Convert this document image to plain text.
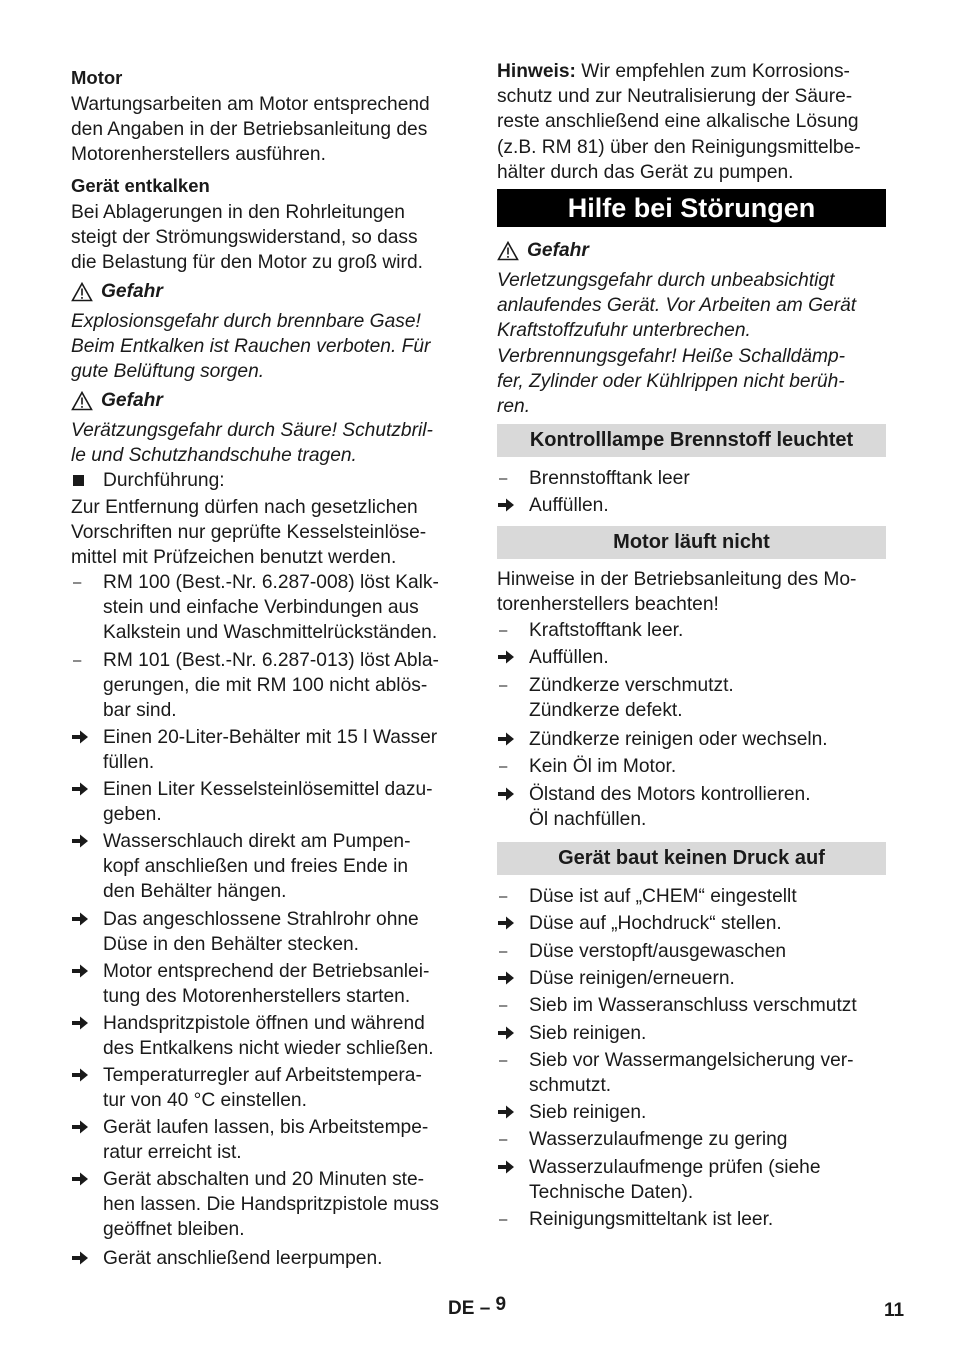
Motor
Wartungsarbeiten am Motor entsprechend
den Angaben in der Betriebsanleitung des
Motorenherstellers ausführen.
Gerät entkalken
Bei Ablagerungen in den Rohrleitungen
steigt der Strömungswiderstand, so dass
die Belastung für den Motor zu groß wird.
Gefahr
Explosionsgefahr durch brennbare Gase!
Beim Entkalken ist Rauchen verboten. Für
gute Belüftung sorgen.
Gefahr
Verätzungsgefahr durch Säure! Schutzbril-
le und Schutzhandschuhe tragen.
Durchführung:
Zur Entfernung dürfen nach gesetzlichen
Vorschriften nur geprüfte Kesselsteinlöse-
mittel mit Prüfzeichen benutzt werden.
–	RM 100 (Best.-Nr. 6.287-008) löst Kalk-
stein und einfache Verbindungen aus
Kalkstein und Waschmittelrückständen.
–	RM 101 (Best.-Nr. 6.287-013) löst Abla-
gerungen, die mit RM 100 nicht ablös-
bar sind.
Einen 20-Liter-Behälter mit 15 l Wasser
füllen.
Einen Liter Kesselsteinlösemittel dazu-
geben.
Wasserschlauch direkt am Pumpen-
kopf anschließen und freies Ende in
den Behälter hängen.
Das angeschlossene Strahlrohr ohne
Düse in den Behälter stecken.
Motor entsprechend der Betriebsanlei-
tung des Motorenherstellers starten.
Handspritzpistole öffnen und während
des Entkalkens nicht wieder schließen.
Temperaturregler auf Arbeitstempera-
tur von 40 °C einstellen.
Gerät laufen lassen, bis Arbeitstempe-
ratur erreicht ist.
Gerät abschalten und 20 Minuten ste-
hen lassen. Die Handspritzpistole muss
geöffnet bleiben.
Gerät anschließend leerpumpen.
Hinweis: Wir empfehlen zum Korrosions-
schutz und zur Neutralisierung der Säure-
reste anschließend eine alkalische Lösung
(z.B. RM 81) über den Reinigungsmittelbe-
hälter durch das Gerät zu pumpen.
Hilfe bei Störungen
Gefahr
Verletzungsgefahr durch unbeabsichtigt
anlaufendes Gerät. Vor Arbeiten am Gerät
Kraftstoffzufuhr unterbrechen.
Verbrennungsgefahr! Heiße Schalldämp-
fer, Zylinder oder Kühlrippen nicht berüh-
ren.
Kontrolllampe Brennstoff leuchtet
–	Brennstofftank leer
Auffüllen.
Motor läuft nicht
Hinweise in der Betriebsanleitung des Mo-
torenherstellers beachten!
–	Kraftstofftank leer.
Auffüllen.
–	Zündkerze verschmutzt.
Zündkerze defekt.
Zündkerze reinigen oder wechseln.
–	Kein Öl im Motor.
Ölstand des Motors kontrollieren.
Öl nachfüllen.
Gerät baut keinen Druck auf
–	Düse ist auf „CHEM“ eingestellt
Düse auf „Hochdruck“ stellen.
–	Düse verstopft/ausgewaschen
Düse reinigen/erneuern.
–	Sieb im Wasseranschluss verschmutzt
Sieb reinigen.
–	Sieb vor Wassermangelsicherung ver-
schmutzt.
Sieb reinigen.
–	Wasserzulaufmenge zu gering
Wasserzulaufmenge prüfen (siehe
Technische Daten).
–	Reinigungsmitteltank ist leer.
DE – 9	11
